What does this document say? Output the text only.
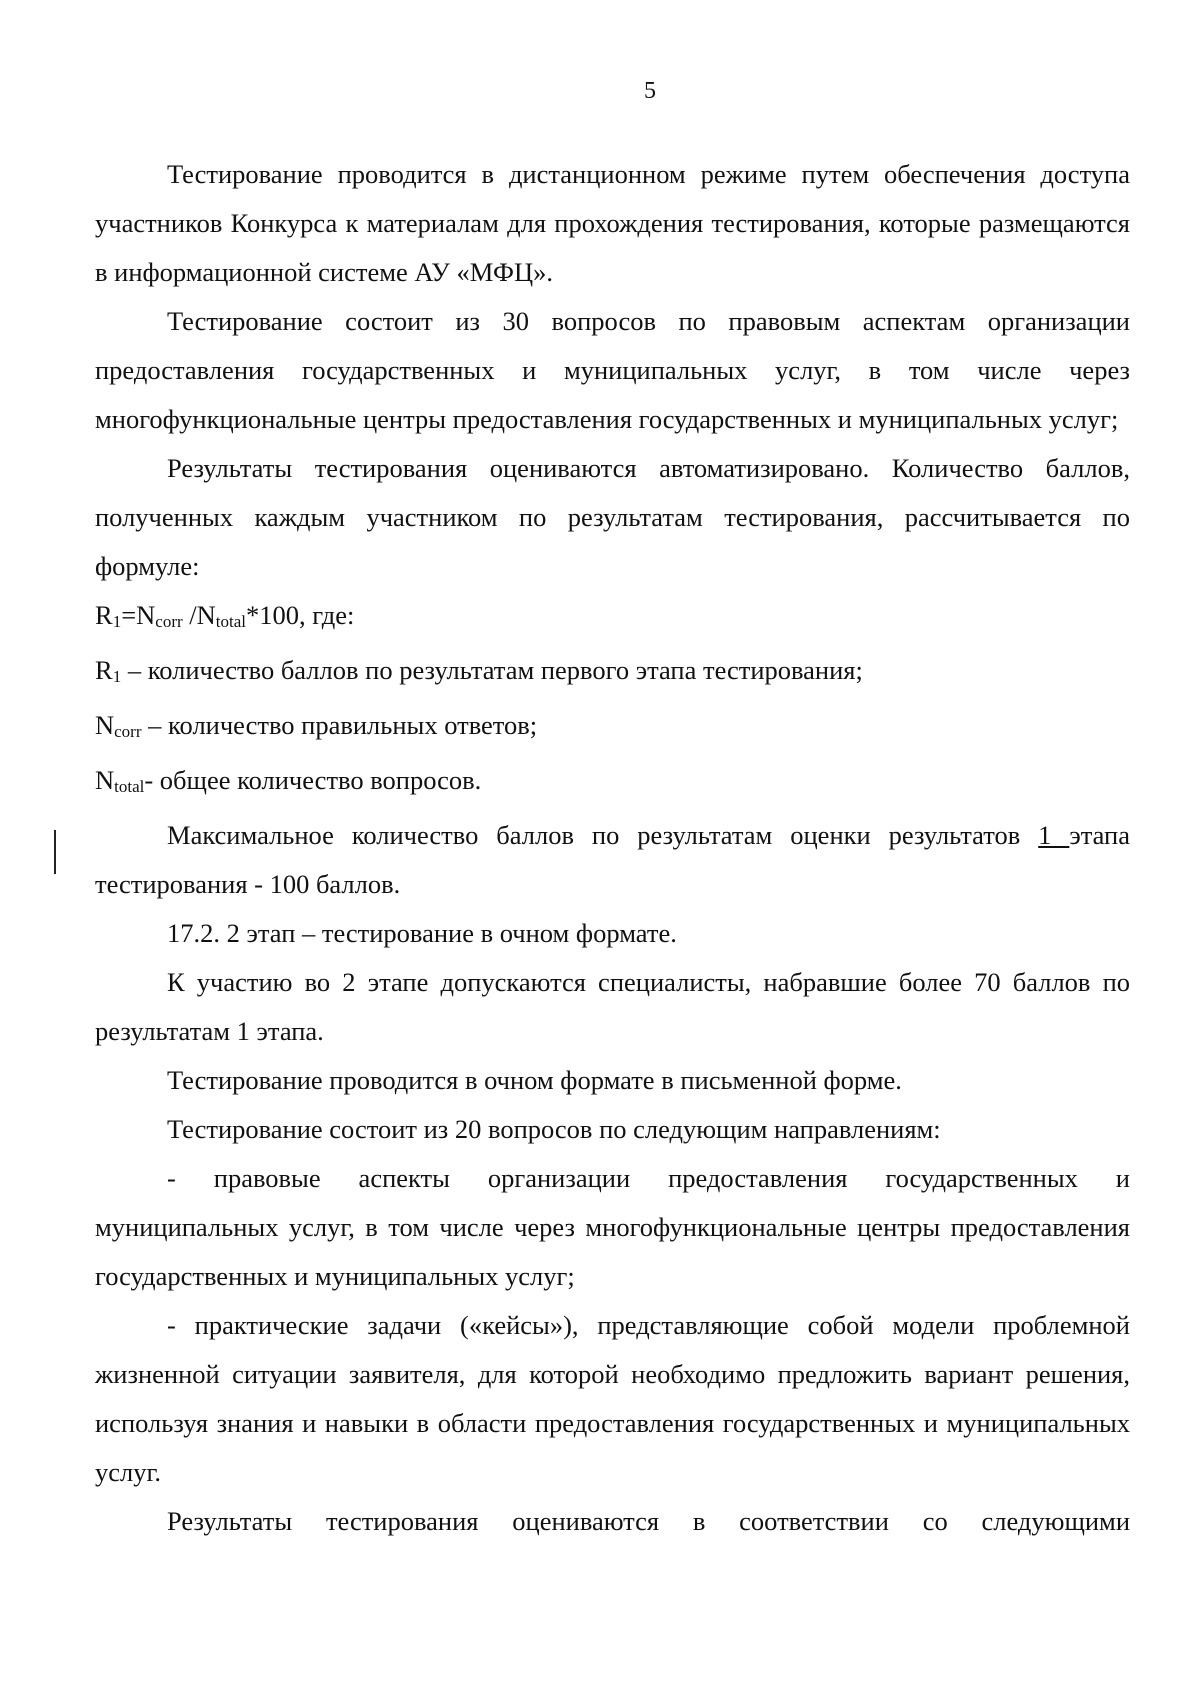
5

Тестирование проводится в дистанционном режиме путем обеспечения доступа участников Конкурса к материалам для прохождения тестирования, которые размещаются в информационной системе АУ «МФЦ».

Тестирование состоит из 30 вопросов по правовым аспектам организации предоставления государственных и муниципальных услуг, в том числе через многофункциональные центры предоставления государственных и муниципальных услуг;

Результаты тестирования оцениваются автоматизировано. Количество баллов, полученных каждым участником по результатам тестирования, рассчитывается по формуле:

R1=Ncorr /Ntotal*100, где:

R1 – количество баллов по результатам первого этапа тестирования;

Ncorr – количество правильных ответов;

Ntotal- общее количество вопросов.

Максимальное количество баллов по результатам оценки результатов 1 этапа тестирования - 100 баллов.

17.2. 2 этап – тестирование в очном формате.

К участию во 2 этапе допускаются специалисты, набравшие более 70 баллов по результатам 1 этапа.

Тестирование проводится в очном формате в письменной форме.

Тестирование состоит из 20 вопросов по следующим направлениям:

- правовые аспекты организации предоставления государственных и муниципальных услуг, в том числе через многофункциональные центры предоставления государственных и муниципальных услуг;

- практические задачи («кейсы»), представляющие собой модели проблемной жизненной ситуации заявителя, для которой необходимо предложить вариант решения, используя знания и навыки в области предоставления государственных и муниципальных услуг.

Результаты тестирования оцениваются в соответствии со следующими
